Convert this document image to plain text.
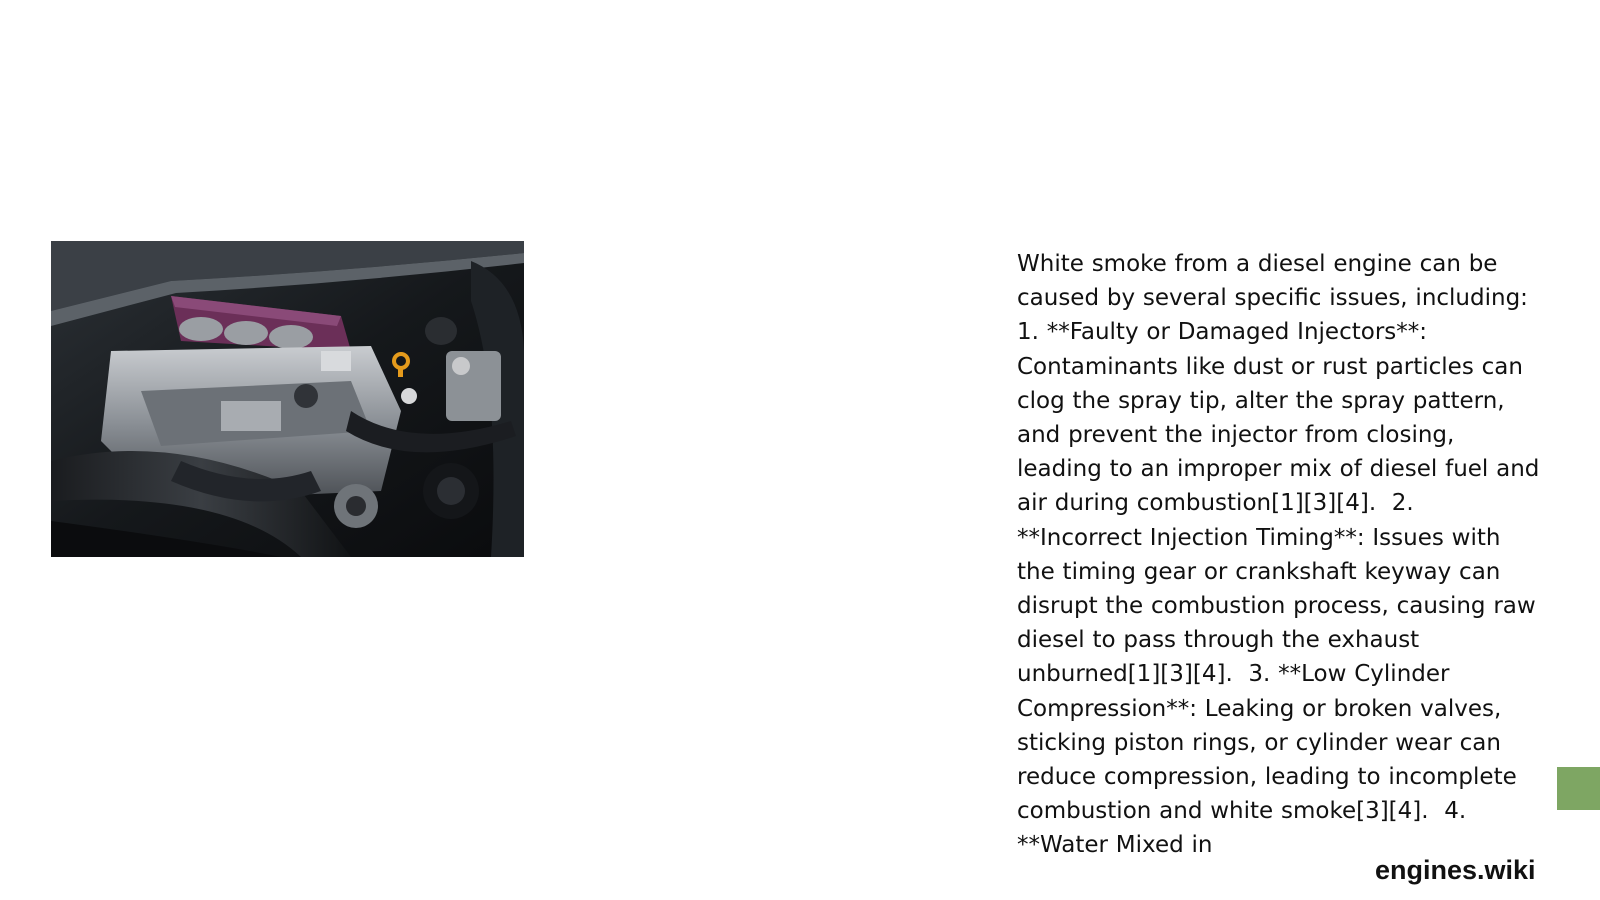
White smoke from a diesel engine can be caused by several specific issues, including:  1. **Faulty or Damaged Injectors**: Contaminants like dust or rust particles can clog the spray tip, alter the spray pattern, and prevent the injector from closing, leading to an improper mix of diesel fuel and air during combustion[1][3][4].  2. **Incorrect Injection Timing**: Issues with the timing gear or crankshaft keyway can disrupt the combustion process, causing raw diesel to pass through the exhaust unburned[1][3][4].  3. **Low Cylinder Compression**: Leaking or broken valves, sticking piston rings, or cylinder wear can reduce compression, leading to incomplete combustion and white smoke[3][4].  4. **Water Mixed in

engines.wiki
